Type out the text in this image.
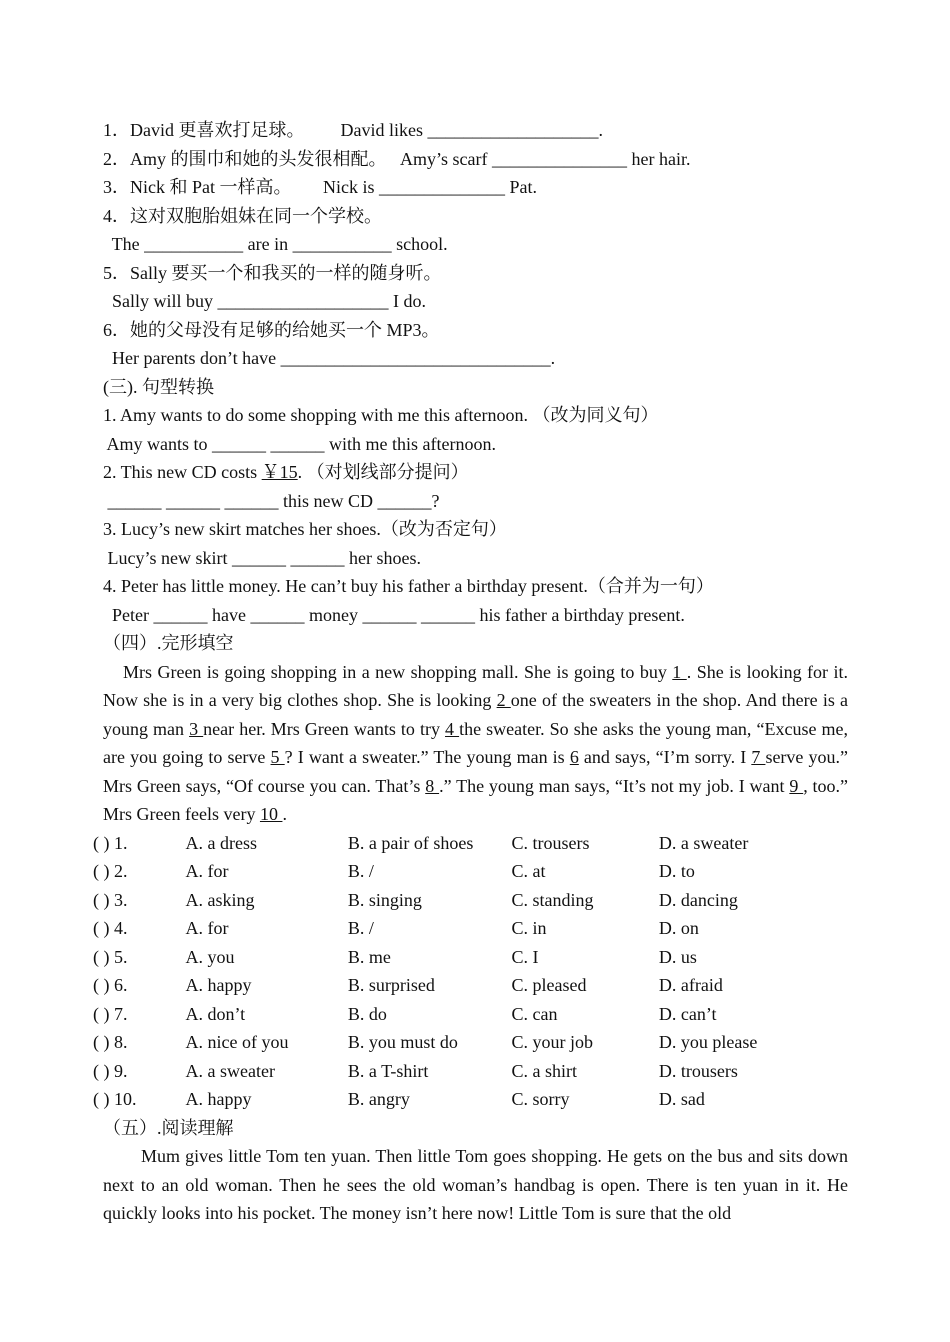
1．David 更喜欢打足球。        David likes ___________________.
2．Amy 的围巾和她的头发很相配。   Amy’s scarf _______________ her hair.
3．Nick 和 Pat 一样高。       Nick is ______________ Pat.
4．这对双胞胎姐妹在同一个学校。
The ___________ are in ___________ school.
5．Sally 要买一个和我买的一样的随身听。
Sally will buy ___________________ I do.
6．她的父母没有足够的给她买一个 MP3。
Her parents don’t have ______________________________.
(三). 句型转换
1. Amy wants to do some shopping with me this afternoon. （改为同义句）
Amy wants to ______ ______ with me this afternoon.
2. This new CD costs ￥15. （对划线部分提问）
______ ______ ______ this new CD ______?
3. Lucy’s new skirt matches her shoes.（改为否定句）
Lucy’s new skirt ______ ______ her shoes.
4. Peter has little money. He can’t buy his father a birthday present.（合并为一句）
Peter ______ have ______ money ______ ______ his father a birthday present.
（四）.完形填空

Mrs Green is going shopping in a new shopping mall. She is going to buy 1 . She is looking for it. Now she is in a very big clothes shop. She is looking 2 one of the sweaters in the shop. And there is a young man 3 near her. Mrs Green wants to try 4 the sweater. So she asks the young man, “Excuse me, are you going to serve 5 ? I want a sweater.” The young man is 6 and says, “I’m sorry. I 7 serve you.” Mrs Green says, “Of course you can. That’s 8 .” The young man says, “It’s not my job. I want 9 , too.” Mrs Green feels very 10 .

( ) 1.	A. a dress	B. a pair of shoes	C. trousers	D. a sweater
( ) 2.	A. for	B. /	C. at	D. to
( ) 3.	A. asking	B. singing	C. standing	D. dancing
( ) 4.	A. for	B. /	C. in	D. on
( ) 5.	A. you	B. me	C. I	D. us
( ) 6.	A. happy	B. surprised	C. pleased	D. afraid
( ) 7.	A. don’t	B. do	C. can	D. can’t
( ) 8.	A. nice of you	B. you must do	C. your job	D. you please
( ) 9.	A. a sweater	B. a T-shirt	C. a shirt	D. trousers
( ) 10.	A. happy	B. angry	C. sorry	D. sad
（五）.阅读理解

Mum gives little Tom ten yuan. Then little Tom goes shopping. He gets on the bus and sits down next to an old woman. Then he sees the old woman’s handbag is open. There is ten yuan in it. He quickly looks into his pocket. The money isn’t here now! Little Tom is sure that the old
